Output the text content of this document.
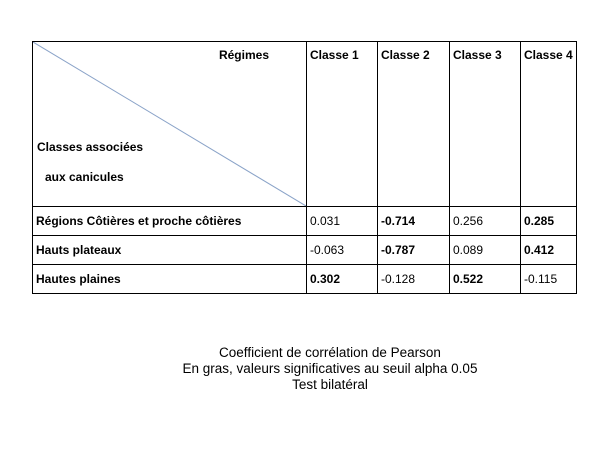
Régimes
Classes associées
aux canicules	Classe 1	Classe 2	Classe 3	Classe 4
Régions Côtières et proche côtières	0.031	-0.714	0.256	0.285
Hauts plateaux	-0.063	-0.787	0.089	0.412
Hautes plaines	0.302	-0.128	0.522	-0.115
Coefficient de corrélation de Pearson
En gras, valeurs significatives au seuil alpha 0.05
Test bilatéral
